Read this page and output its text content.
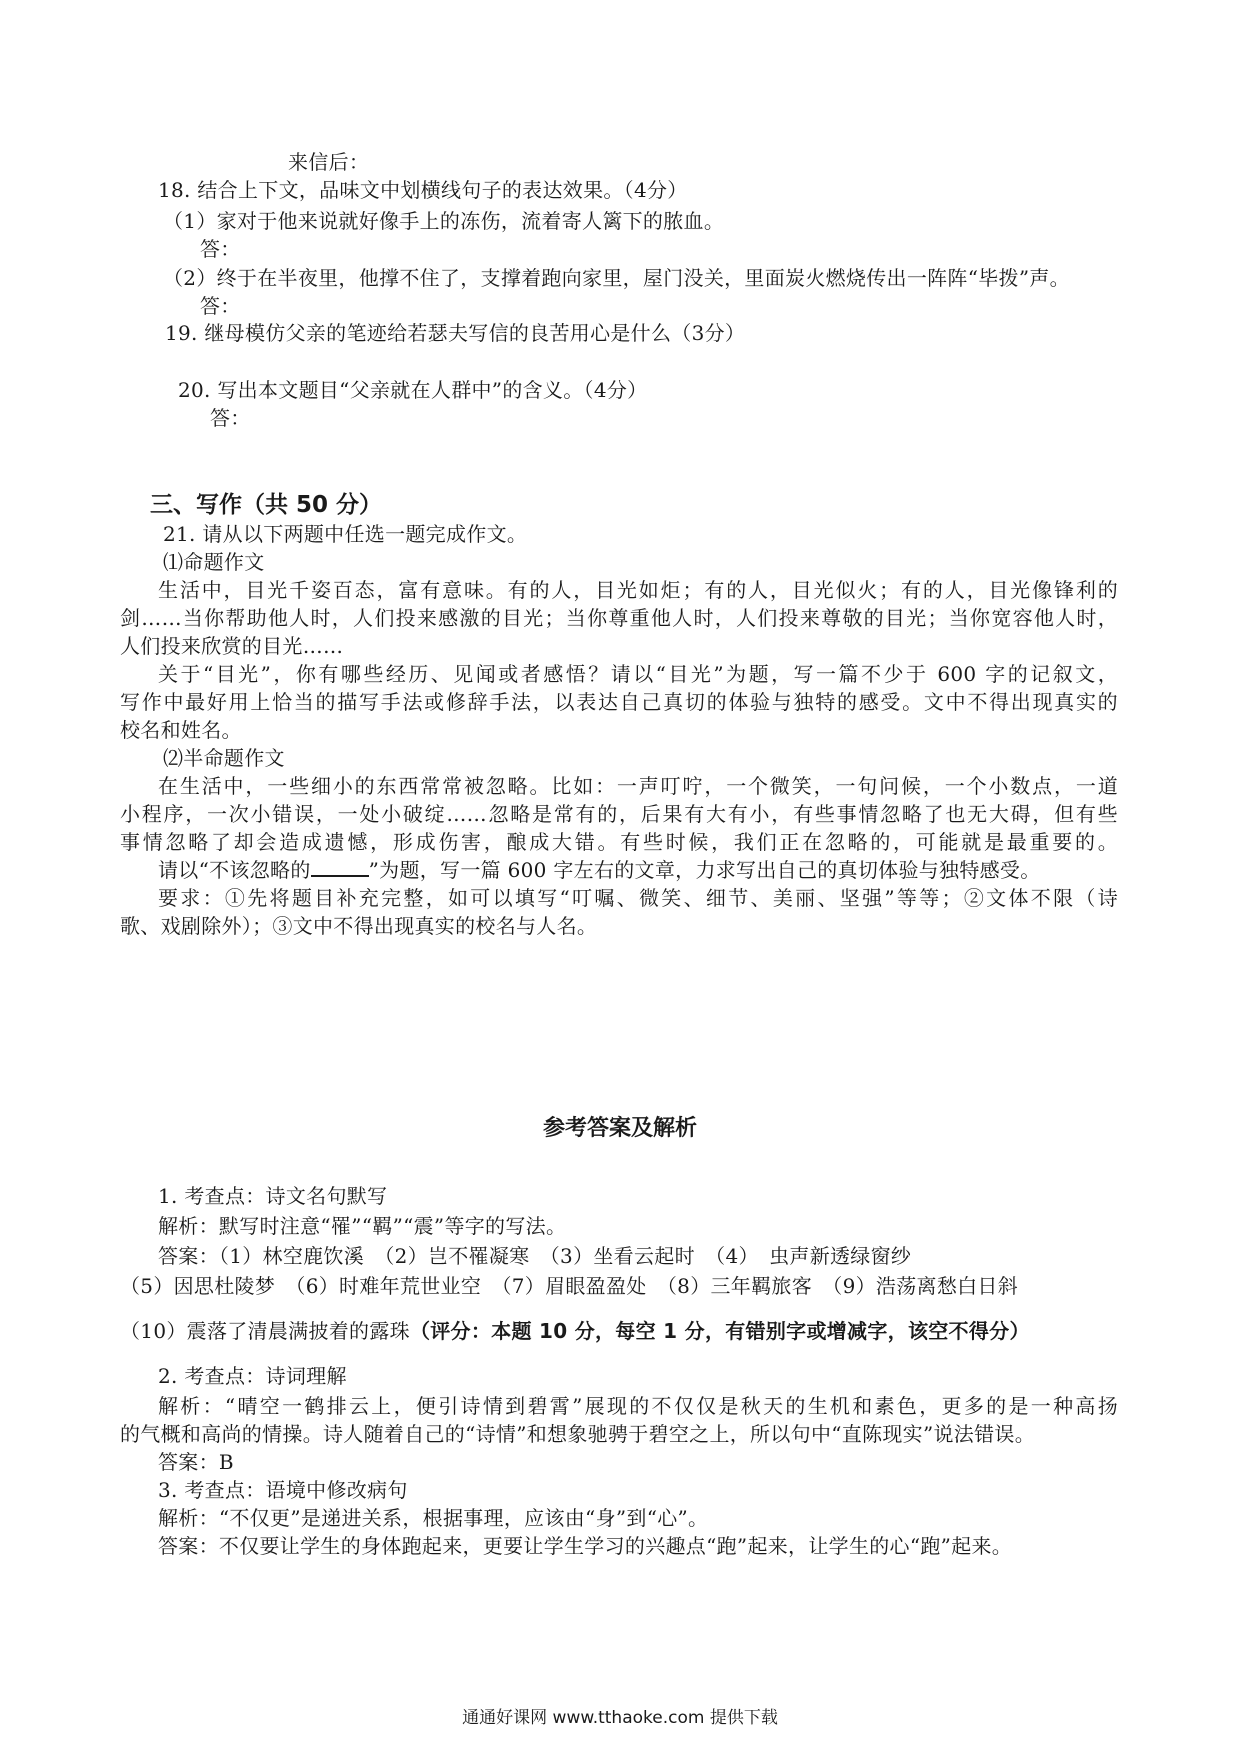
来信后：
18. 结合上下文，品味文中划横线句子的表达效果。（4分）
（1）家对于他来说就好像手上的冻伤，流着寄人篱下的脓血。
答：
（2）终于在半夜里，他撑不住了，支撑着跑向家里，屋门没关，里面炭火燃烧传出一阵阵“毕拨”声。
答：
19. 继母模仿父亲的笔迹给若瑟夫写信的良苦用心是什么（3分）
20. 写出本文题目“父亲就在人群中”的含义。（4分）
答：
三、写作（共 50 分）
21. 请从以下两题中任选一题完成作文。
⑴命题作文
生活中，目光千姿百态，富有意味。有的人，目光如炬；有的人，目光似火；有的人，目光像锋利的
剑……当你帮助他人时，人们投来感激的目光；当你尊重他人时，人们投来尊敬的目光；当你宽容他人时，
人们投来欣赏的目光……
关于“目光”，你有哪些经历、见闻或者感悟？请以“目光”为题，写一篇不少于 600 字的记叙文，
写作中最好用上恰当的描写手法或修辞手法，以表达自己真切的体验与独特的感受。文中不得出现真实的
校名和姓名。
⑵半命题作文
在生活中，一些细小的东西常常被忽略。比如：一声叮咛，一个微笑，一句问候，一个小数点，一道
小程序，一次小错误，一处小破绽……忽略是常有的，后果有大有小，有些事情忽略了也无大碍，但有些
事情忽略了却会造成遗憾，形成伤害，酿成大错。有些时候，我们正在忽略的，可能就是最重要的。
请以“不该忽略的	”为题，写一篇 600 字左右的文章，力求写出自己的真切体验与独特感受。
要求：①先将题目补充完整，如可以填写“叮嘱、微笑、细节、美丽、坚强”等等；②文体不限（诗
歌、戏剧除外）；③文中不得出现真实的校名与人名。
参考答案及解析
1. 考查点：诗文名句默写
解析：默写时注意“罹”“羁”“震”等字的写法。
答案：（1）林空鹿饮溪　（2）岂不罹凝寒　（3）坐看云起时　（4）　虫声新透绿窗纱
（5）因思杜陵梦　（6）时难年荒世业空　（7）眉眼盈盈处　（8）三年羁旅客　（9）浩荡离愁白日斜
（10）震落了清晨满披着的露珠（评分：本题 10 分，每空 1 分，有错别字或增减字，该空不得分）
2. 考查点：诗词理解
解析：“晴空一鹤排云上，便引诗情到碧霄”展现的不仅仅是秋天的生机和素色，更多的是一种高扬
的气概和高尚的情操。诗人随着自己的“诗情”和想象驰骋于碧空之上，所以句中“直陈现实”说法错误。
答案：B
3. 考查点：语境中修改病句
解析：“不仅更”是递进关系，根据事理，应该由“身”到“心”。
答案：不仅要让学生的身体跑起来，更要让学生学习的兴趣点“跑”起来，让学生的心“跑”起来。
通通好课网 www.tthaoke.com 提供下载
